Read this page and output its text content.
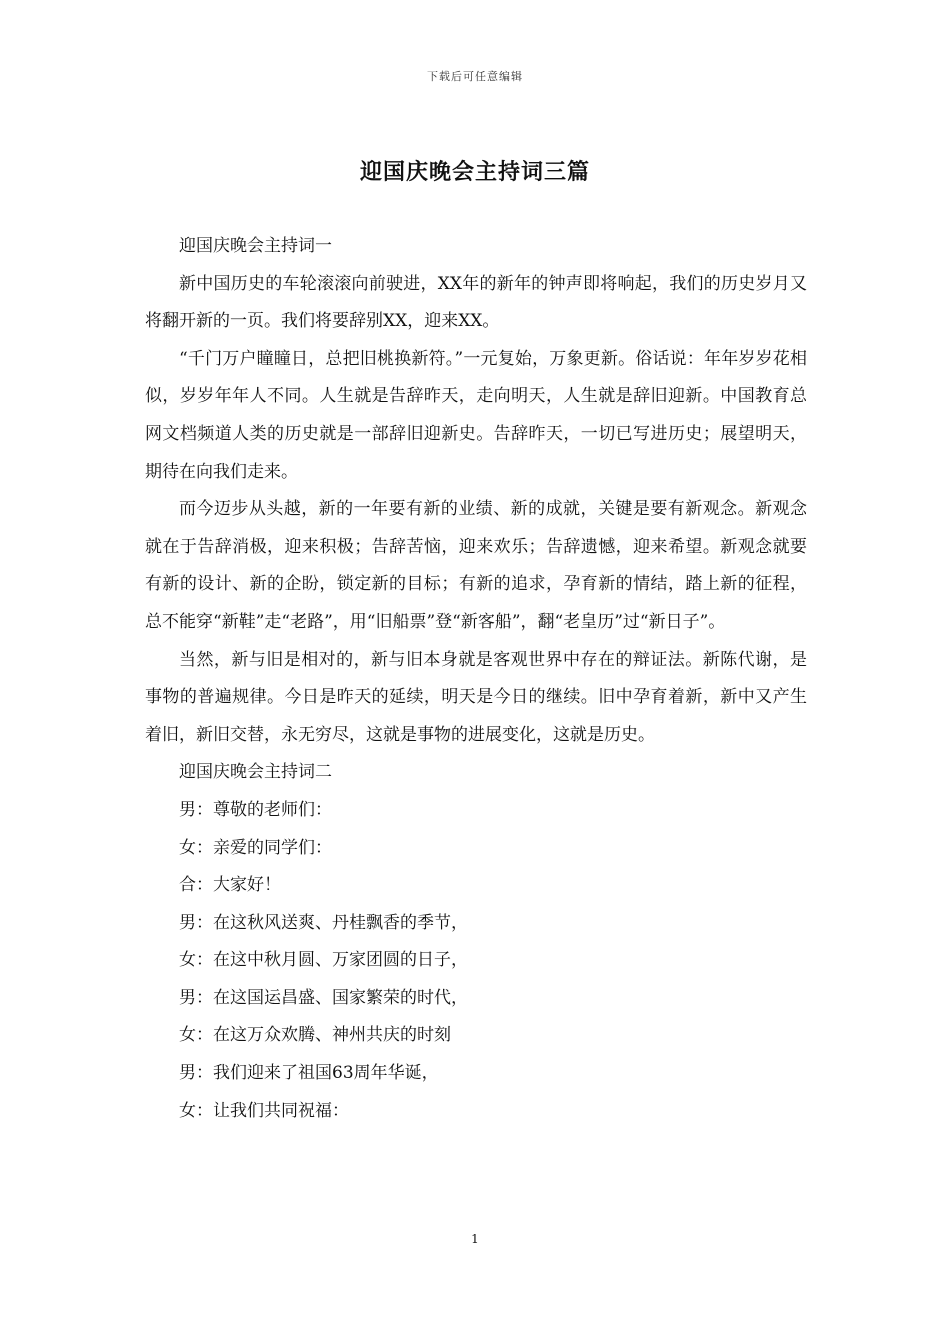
下载后可任意编辑
迎国庆晚会主持词三篇

迎国庆晚会主持词一

新中国历史的车轮滚滚向前驶进，XX年的新年的钟声即将响起，我们的历史岁月又将翻开新的一页。我们将要辞别XX，迎来XX。

“千门万户瞳瞳日，总把旧桃换新符。”一元复始，万象更新。俗话说：年年岁岁花相似，岁岁年年人不同。人生就是告辞昨天，走向明天，人生就是辞旧迎新。中国教育总网文档频道人类的历史就是一部辞旧迎新史。告辞昨天，一切已写进历史；展望明天，期待在向我们走来。

而今迈步从头越，新的一年要有新的业绩、新的成就，关键是要有新观念。新观念就在于告辞消极，迎来积极；告辞苦恼，迎来欢乐；告辞遗憾，迎来希望。新观念就要有新的设计、新的企盼，锁定新的目标；有新的追求，孕育新的情结，踏上新的征程，总不能穿“新鞋”走“老路”，用“旧船票”登“新客船”，翻“老皇历”过“新日子”。

当然，新与旧是相对的，新与旧本身就是客观世界中存在的辩证法。新陈代谢，是事物的普遍规律。今日是昨天的延续，明天是今日的继续。旧中孕育着新，新中又产生着旧，新旧交替，永无穷尽，这就是事物的进展变化，这就是历史。

迎国庆晚会主持词二

男：尊敬的老师们：

女：亲爱的同学们：

合：大家好！

男：在这秋风送爽、丹桂飘香的季节，

女：在这中秋月圆、万家团圆的日子，

男：在这国运昌盛、国家繁荣的时代，

女：在这万众欢腾、神州共庆的时刻

男：我们迎来了祖国63周年华诞，

女：让我们共同祝福：

1
